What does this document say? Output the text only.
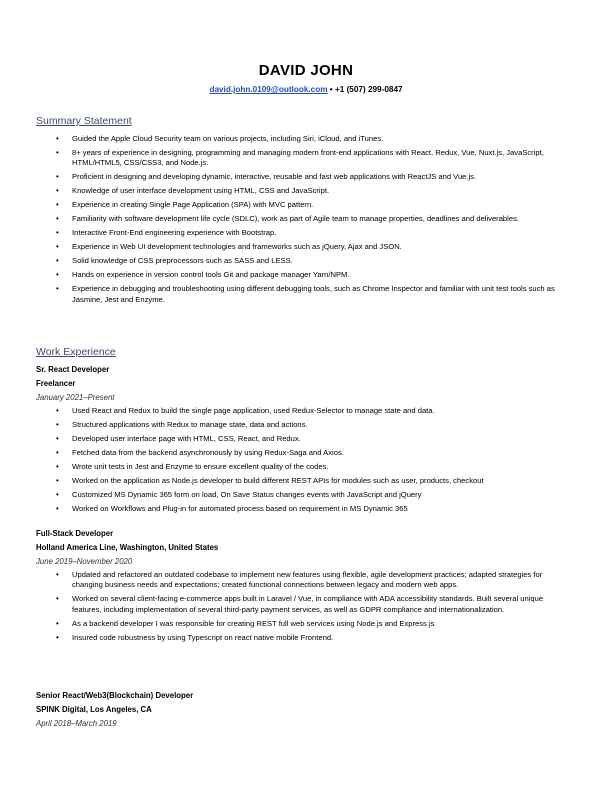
DAVID JOHN
david.john.0109@outlook.com • +1 (507) 299-0847
Summary Statement
• Guided the Apple Cloud Security team on various projects, including Siri, iCloud, and iTunes.
• 8+ years of experience in designing, programming and managing modern front-end applications with React, Redux, Vue, Nuxt.js, JavaScript, HTML/HTML5, CSS/CSS3, and Node.js.
• Proficient in designing and developing dynamic, interactive, reusable and fast web applications with ReactJS and Vue.js.
• Knowledge of user interface development using HTML, CSS and JavaScript.
• Experience in creating Single Page Application (SPA) with MVC pattern.
• Familiarity with software development life cycle (SDLC), work as part of Agile team to manage properties, deadlines and deliverables.
• Interactive Front-End engineering experience with Bootstrap.
• Experience in Web UI development technologies and frameworks such as jQuery, Ajax and JSON.
• Solid knowledge of CSS preprocessors such as SASS and LESS.
• Hands on experience in version control tools Git and package manager Yarn/NPM.
• Experience in debugging and troubleshooting using different debugging tools, such as Chrome Inspector and familiar with unit test tools such as Jasmine, Jest and Enzyme.
Work Experience
Sr. React Developer
Freelancer
January 2021–Present
• Used React and Redux to build the single page application, used Redux-Selector to manage state and data.
• Structured applications with Redux to manage state, data and actions.
• Developed user interface page with HTML, CSS, React, and Redux.
• Fetched data from the backend asynchronously by using Redux-Saga and Axios.
• Wrote unit tests in Jest and Enzyme to ensure excellent quality of the codes.
• Worked on the application as Node.js developer to build different REST APIs for modules such as user, products, checkout
• Customized MS Dynamic 365 form on load, On Save Status changes events with JavaScript and jQuery
• Worked on Workflows and Plug-in for automated process based on requirement in MS Dynamic 365
Full-Stack Developer
Holland America Line, Washington, United States
June 2019–November 2020
• Updated and refactored an outdated codebase to implement new features using flexible, agile development practices; adapted strategies for changing business needs and expectations; created functional connections between legacy and modern web apps.
• Worked on several client-facing e-commerce apps built in Laravel / Vue, in compliance with ADA accessibility standards. Built several unique features, including implementation of several third-party payment services, as well as GDPR compliance and internationalization.
• As a backend developer I was responsible for creating REST full web services using Node.js and Express.js
• Insured code robustness by using Typescript on react native mobile Frontend.
Senior React/Web3(Blockchain) Developer
SPINK Digital, Los Angeles, CA
April 2018–March 2019
